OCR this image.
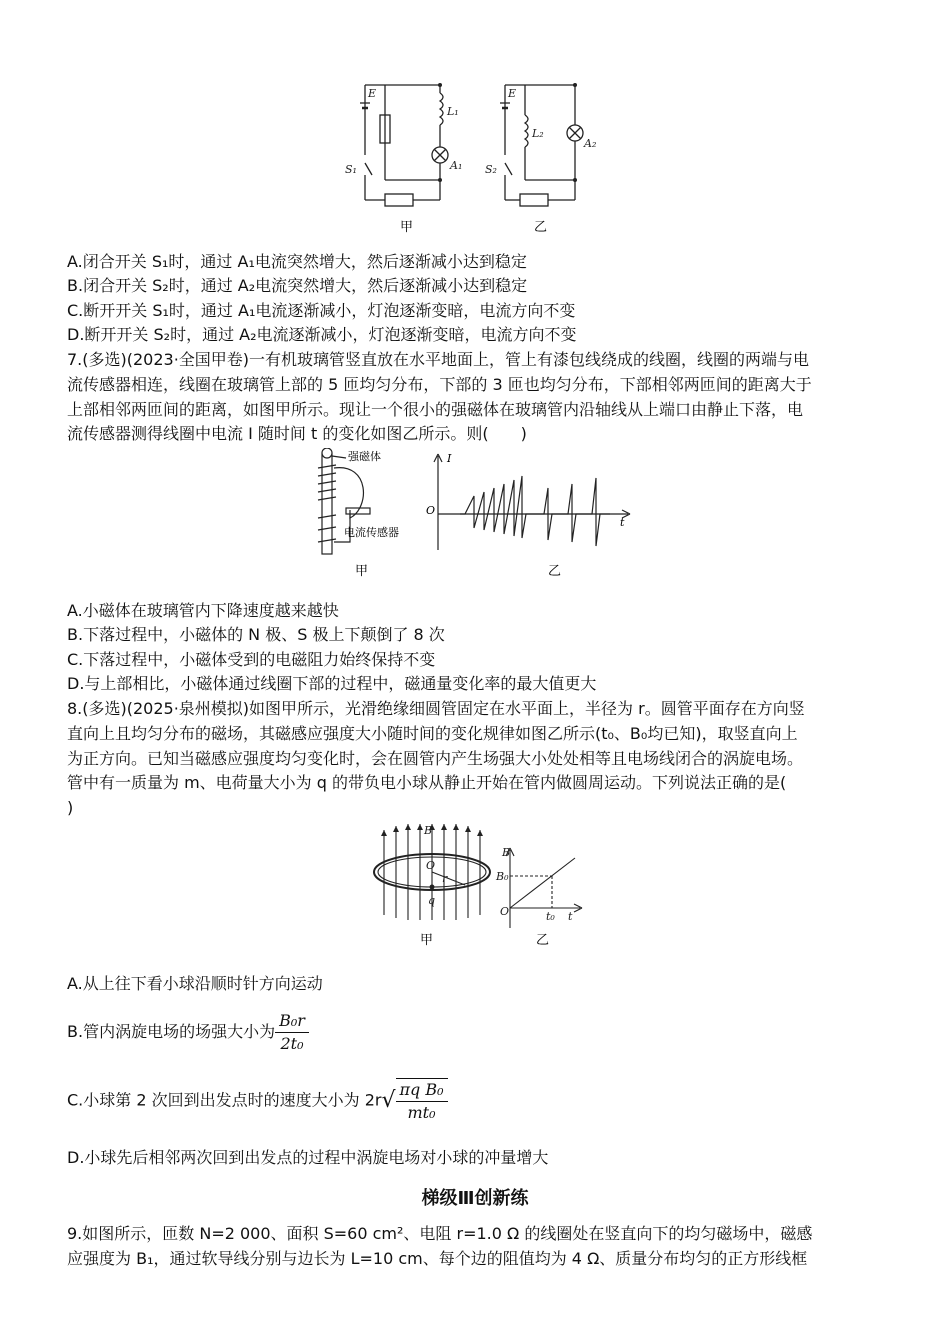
E
L₁
A₁
S₁
E
L₂
A₂
S₂
甲	乙
A.闭合开关 S₁时，通过 A₁电流突然增大，然后逐渐减小达到稳定
B.闭合开关 S₂时，通过 A₂电流突然增大，然后逐渐减小达到稳定
C.断开开关 S₁时，通过 A₁电流逐渐减小，灯泡逐渐变暗，电流方向不变
D.断开开关 S₂时，通过 A₂电流逐渐减小，灯泡逐渐变暗，电流方向不变
7.(多选)(2023·全国甲卷)一有机玻璃管竖直放在水平地面上，管上有漆包线绕成的线圈，线圈的两端与电
流传感器相连，线圈在玻璃管上部的 5 匝均匀分布，下部的 3 匝也均匀分布，下部相邻两匝间的距离大于
上部相邻两匝间的距离，如图甲所示。现让一个很小的强磁体在玻璃管内沿轴线从上端口由静止下落，电
流传感器测得线圈中电流 I 随时间 t 的变化如图乙所示。则(　　)
强磁体
电流传感器
I
O
t
甲	乙
A.小磁体在玻璃管内下降速度越来越快
B.下落过程中，小磁体的 N 极、S 极上下颠倒了 8 次
C.下落过程中，小磁体受到的电磁阻力始终保持不变
D.与上部相比，小磁体通过线圈下部的过程中，磁通量变化率的最大值更大
8.(多选)(2025·泉州模拟)如图甲所示，光滑绝缘细圆管固定在水平面上，半径为 r。圆管平面存在方向竖
直向上且均匀分布的磁场，其磁感应强度大小随时间的变化规律如图乙所示(t₀、B₀均已知)，取竖直向上
为正方向。已知当磁感应强度均匀变化时，会在圆管内产生场强大小处处相等且电场线闭合的涡旋电场。
管中有一质量为 m、电荷量大小为 q 的带负电小球从静止开始在管内做圆周运动。下列说法正确的是(
)
B
O
r
q
B
B₀
O	t₀ t
甲	乙
A.从上往下看小球沿顺时针方向运动
B.管内涡旋电场的场强大小为 $\frac{\text{B₀r}}{\text{2t₀}}$
C.小球第 2 次回到出发点时的速度大小为 $2r√ \frac{\text{πq B₀}}{\text{mt₀}}$
D.小球先后相邻两次回到出发点的过程中涡旋电场对小球的冲量增大
梯级Ⅲ创新练
9.如图所示，匝数 N=2 000、面积 S=60 cm²、电阻 r=1.0 Ω 的线圈处在竖直向下的均匀磁场中，磁感
应强度为 B₁，通过软导线分别与边长为 L=10 cm、每个边的阻值均为 4 Ω、质量分布均匀的正方形线框
